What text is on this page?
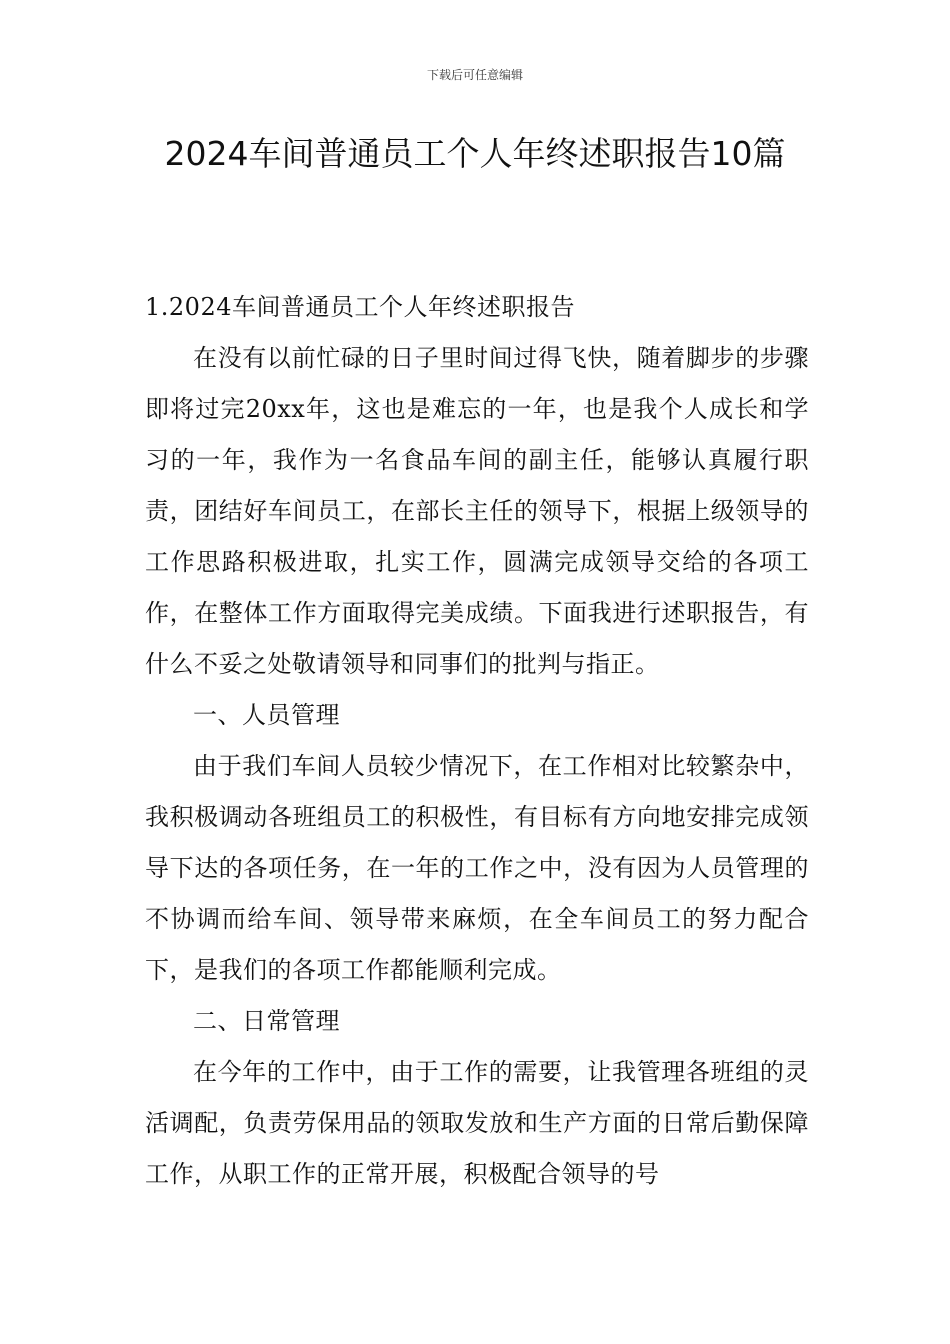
下载后可任意编辑
2024车间普通员工个人年终述职报告10篇

1.2024车间普通员工个人年终述职报告

在没有以前忙碌的日子里时间过得飞快，随着脚步的步骤即将过完20xx年，这也是难忘的一年，也是我个人成长和学习的一年，我作为一名食品车间的副主任，能够认真履行职责，团结好车间员工，在部长主任的领导下，根据上级领导的工作思路积极进取，扎实工作，圆满完成领导交给的各项工作，在整体工作方面取得完美成绩。下面我进行述职报告，有什么不妥之处敬请领导和同事们的批判与指正。

一、人员管理

由于我们车间人员较少情况下，在工作相对比较繁杂中，我积极调动各班组员工的积极性，有目标有方向地安排完成领导下达的各项任务，在一年的工作之中，没有因为人员管理的不协调而给车间、领导带来麻烦，在全车间员工的努力配合下，是我们的各项工作都能顺利完成。

二、日常管理

在今年的工作中，由于工作的需要，让我管理各班组的灵活调配，负责劳保用品的领取发放和生产方面的日常后勤保障工作，从职工作的正常开展，积极配合领导的号
